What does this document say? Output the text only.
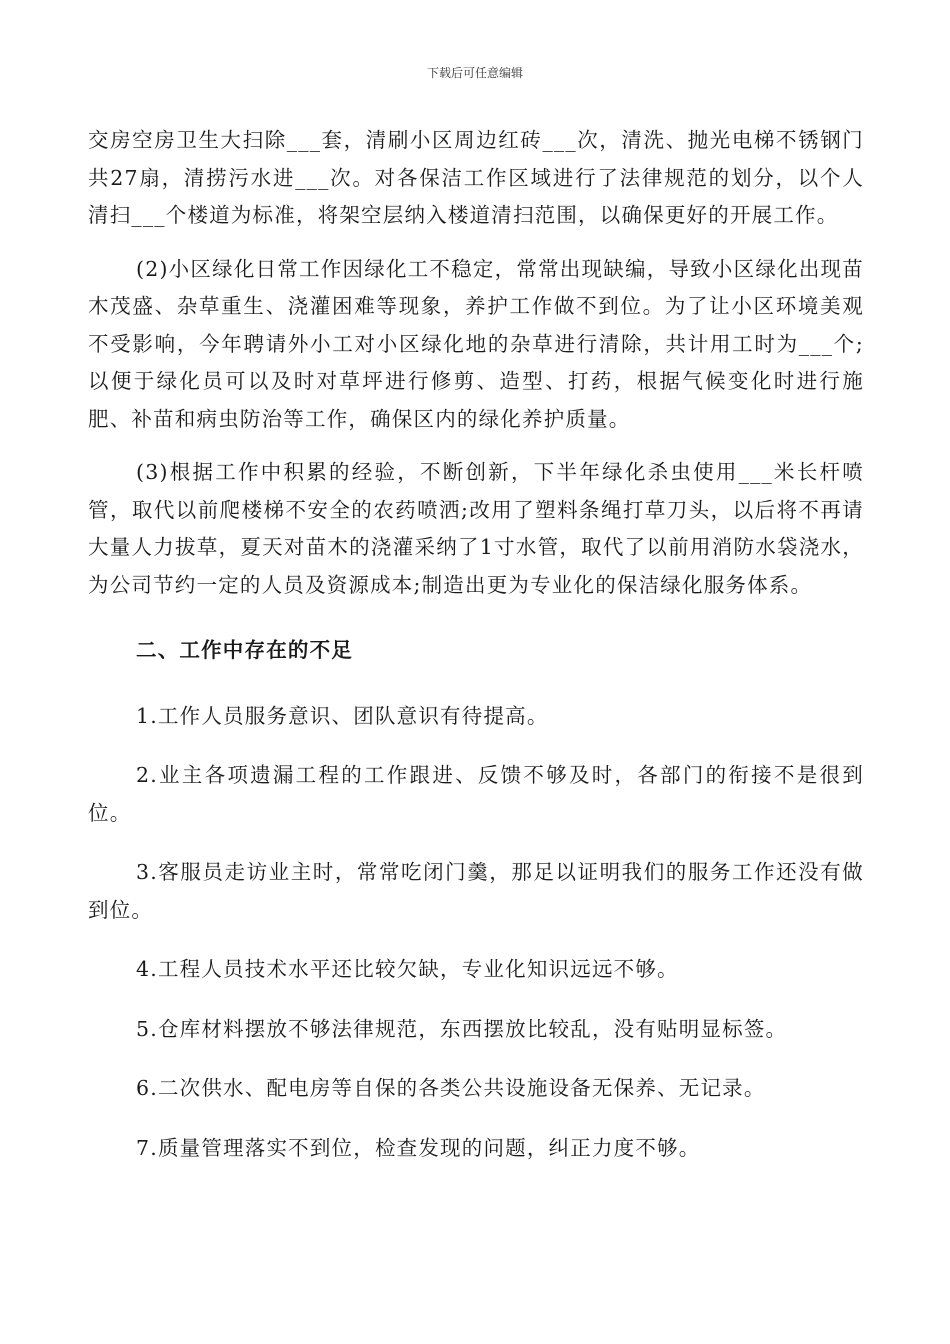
下载后可任意编辑

交房空房卫生大扫除___套，清刷小区周边红砖___次，清洗、抛光电梯不锈钢门共27扇，清捞污水进___次。对各保洁工作区域进行了法律规范的划分，以个人清扫___个楼道为标准，将架空层纳入楼道清扫范围，以确保更好的开展工作。

(2)小区绿化日常工作因绿化工不稳定，常常出现缺编，导致小区绿化出现苗木茂盛、杂草重生、浇灌困难等现象，养护工作做不到位。为了让小区环境美观不受影响，今年聘请外小工对小区绿化地的杂草进行清除，共计用工时为___个;以便于绿化员可以及时对草坪进行修剪、造型、打药，根据气候变化时进行施肥、补苗和病虫防治等工作，确保区内的绿化养护质量。

(3)根据工作中积累的经验，不断创新，下半年绿化杀虫使用___米长杆喷管，取代以前爬楼梯不安全的农药喷洒;改用了塑料条绳打草刀头，以后将不再请大量人力拔草，夏天对苗木的浇灌采纳了1寸水管，取代了以前用消防水袋浇水，为公司节约一定的人员及资源成本;制造出更为专业化的保洁绿化服务体系。

二、工作中存在的不足

1.工作人员服务意识、团队意识有待提高。

2.业主各项遗漏工程的工作跟进、反馈不够及时，各部门的衔接不是很到位。

3.客服员走访业主时，常常吃闭门羹，那足以证明我们的服务工作还没有做到位。

4.工程人员技术水平还比较欠缺，专业化知识远远不够。

5.仓库材料摆放不够法律规范，东西摆放比较乱，没有贴明显标签。

6.二次供水、配电房等自保的各类公共设施设备无保养、无记录。

7.质量管理落实不到位，检查发现的问题，纠正力度不够。
